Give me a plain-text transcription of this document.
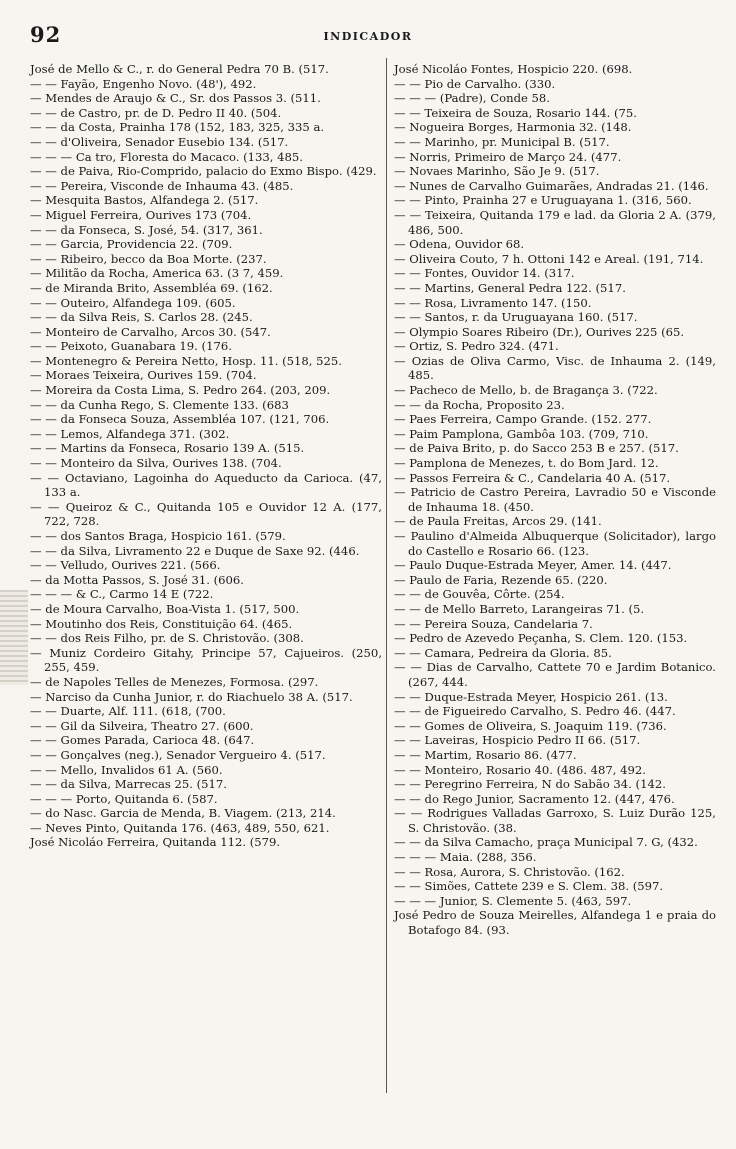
92	INDICADOR

José de Mello & C., r. do General Pedra 70 B. (517.

— — Fayão, Engenho Novo. (48'), 492.

— Mendes de Araujo & C., Sr. dos Passos 3. (511.

— — de Castro, pr. de D. Pedro II 40. (504.

— — da Costa, Prainha 178 (152, 183, 325, 335 a.

— — d'Oliveira, Senador Eusebio 134. (517.

— — — Ca tro, Floresta do Macaco. (133, 485.

— — de Paiva, Rio-Comprido, palacio do Exmo Bispo. (429.

— — Pereira, Visconde de Inhauma 43. (485.

— Mesquita Bastos, Alfandega 2. (517.

— Miguel Ferreira, Ourives 173 (704.

— — da Fonseca, S. José, 54. (317, 361.

— — Garcia, Providencia 22. (709.

— — Ribeiro, becco da Boa Morte. (237.

— Militão da Rocha, America 63. (3 7, 459.

— de Miranda Brito, Assembléa 69. (162.

— — Outeiro, Alfandega 109. (605.

— — da Silva Reis, S. Carlos 28. (245.

— Monteiro de Carvalho, Arcos 30. (547.

— — Peixoto, Guanabara 19. (176.

— Montenegro & Pereira Netto, Hosp. 11. (518, 525.

— Moraes Teixeira, Ourives 159. (704.

— Moreira da Costa Lima, S. Pedro 264. (203, 209.

— — da Cunha Rego, S. Clemente 133. (683

— — da Fonseca Souza, Assembléa 107. (121, 706.

— — Lemos, Alfandega 371. (302.

— — Martins da Fonseca, Rosario 139 A. (515.

— — Monteiro da Silva, Ourives 138. (704.

— — Octaviano, Lagoinha do Aqueducto da Carioca. (47, 133 a.

— — Queiroz & C., Quitanda 105 e Ouvidor 12 A. (177, 722, 728.

— — dos Santos Braga, Hospicio 161. (579.

— — da Silva, Livramento 22 e Duque de Saxe 92. (446.

— — Velludo, Ourives 221. (566.

— da Motta Passos, S. José 31. (606.

— — — & C., Carmo 14 E (722.

— de Moura Carvalho, Boa-Vista 1. (517, 500.

— Moutinho dos Reis, Constituição 64. (465.

— — dos Reis Filho, pr. de S. Christovão. (308.

— Muniz Cordeiro Gitahy, Principe 57, Cajueiros. (250, 255, 459.

— de Napoles Telles de Menezes, Formosa. (297.

— Narciso da Cunha Junior, r. do Riachuelo 38 A. (517.

— — Duarte, Alf. 111. (618, (700.

— — Gil da Silveira, Theatro 27. (600.

— — Gomes Parada, Carioca 48. (647.

— — Gonçalves (neg.), Senador Vergueiro 4. (517.

— — Mello, Invalidos 61 A. (560.

— — da Silva, Marrecas 25. (517.

— — — Porto, Quitanda 6. (587.

— do Nasc. Garcia de Menda, B. Viagem. (213, 214.

— Neves Pinto, Quitanda 176. (463, 489, 550, 621.

José Nicoláo Ferreira, Quitanda 112. (579.

José Nicoláo Fontes, Hospicio 220. (698.

— — Pio de Carvalho. (330.

— — — (Padre), Conde 58.

— — Teixeira de Souza, Rosario 144. (75.

— Nogueira Borges, Harmonia 32. (148.

— — Marinho, pr. Municipal B. (517.

— Norris, Primeiro de Março 24. (477.

— Novaes Marinho, São Je 9. (517.

— Nunes de Carvalho Guimarães, Andradas 21. (146.

— — Pinto, Prainha 27 e Uruguayana 1. (316, 560.

— — Teixeira, Quitanda 179 e lad. da Gloria 2 A. (379, 486, 500.

— Odena, Ouvidor 68.

— Oliveira Couto, 7 h. Ottoni 142 e Areal. (191, 714.

— — Fontes, Ouvidor 14. (317.

— — Martins, General Pedra 122. (517.

— — Rosa, Livramento 147. (150.

— — Santos, r. da Uruguayana 160. (517.

— Olympio Soares Ribeiro (Dr.), Ourives 225 (65.

— Ortiz, S. Pedro 324. (471.

— Ozias de Oliva Carmo, Visc. de Inhauma 2. (149, 485.

— Pacheco de Mello, b. de Bragança 3. (722.

— — da Rocha, Proposito 23.

— Paes Ferreira, Campo Grande. (152. 277.

— Paim Pamplona, Gambôa 103. (709, 710.

— de Paiva Brito, p. do Sacco 253 B e 257. (517.

— Pamplona de Menezes, t. do Bom Jard. 12.

— Passos Ferreira & C., Candelaria 40 A. (517.

— Patricio de Castro Pereira, Lavradio 50 e Visconde de Inhauma 18. (450.

— de Paula Freitas, Arcos 29. (141.

— Paulino d'Almeida Albuquerque (Solicitador), largo do Castello e Rosario 66. (123.

— Paulo Duque-Estrada Meyer, Amer. 14. (447.

— Paulo de Faria, Rezende 65. (220.

— — de Gouvêa, Côrte. (254.

— — de Mello Barreto, Larangeiras 71. (5.

— — Pereira Souza, Candelaria 7.

— Pedro de Azevedo Peçanha, S. Clem. 120. (153.

— — Camara, Pedreira da Gloria. 85.

— — Dias de Carvalho, Cattete 70 e Jardim Botanico. (267, 444.

— — Duque-Estrada Meyer, Hospicio 261. (13.

— — de Figueiredo Carvalho, S. Pedro 46. (447.

— — Gomes de Oliveira, S. Joaquim 119. (736.

— — Laveiras, Hospicio Pedro II 66. (517.

— — Martim, Rosario 86. (477.

— — Monteiro, Rosario 40. (486. 487, 492.

— — Peregrino Ferreira, N do Sabão 34. (142.

— — do Rego Junior, Sacramento 12. (447, 476.

— — Rodrigues Valladas Garroxo, S. Luiz Durão 125, S. Christovão. (38.

— — da Silva Camacho, praça Municipal 7. G, (432.

— — — Maia. (288, 356.

— — Rosa, Aurora, S. Christovão. (162.

— — Simões, Cattete 239 e S. Clem. 38. (597.

— — — Junior, S. Clemente 5. (463, 597.

José Pedro de Souza Meirelles, Alfandega 1 e praia do Botafogo 84. (93.
